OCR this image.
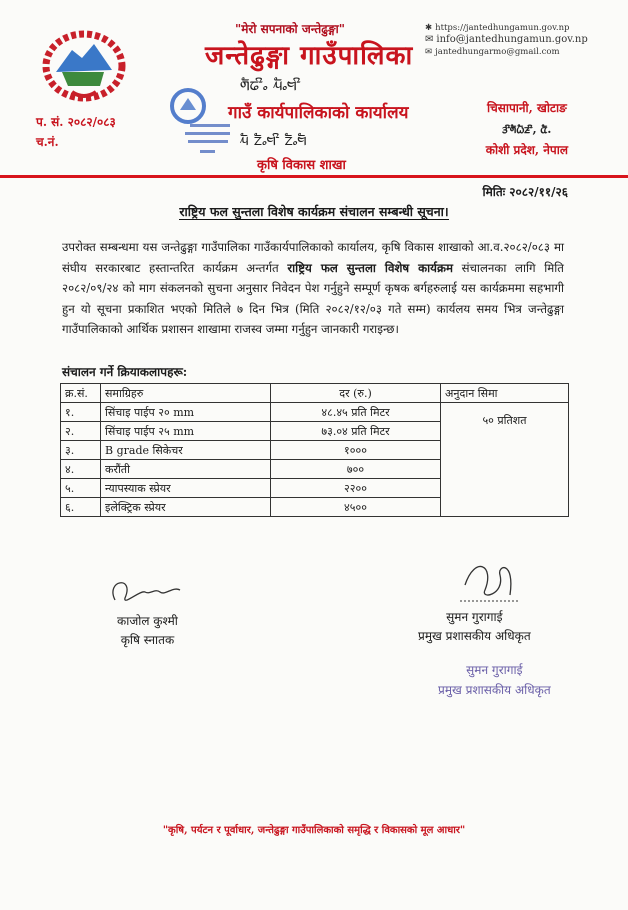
"मेरो सपनाको जन्तेढुङ्गा"
जन्तेढुङ्गा गाउँपालिका
ᤛᤠᤒᤡᤱ ᤘᤠᤱᤗᤡ
गाउँ कार्यपालिकाको कार्यालय
ᤘᤠ ᤁᤠᤱᤗᤡ ᤁᤠᤱᤗᤠ
कृषि विकास शाखा
✱ https://jantedhungamun.gov.np
✉ info@jantedhungamun.gov.np
✉ jantedhungarmo@gmail.com
चिसापानी, खोटाङ
ᤋᤡᤛᤠᤐᤠᤏᤡ, ᤂᤠ.
कोशी प्रदेश, नेपाल
प. सं. २०८२/०८३
च.नं.
मितिः २०८२/११/२६
राष्ट्रिय फल सुन्तला विशेष कार्यक्रम संचालन सम्बन्धी सूचना।
उपरोक्त सम्बन्धमा यस जन्तेढुङ्गा गाउँपालिका गाउँकार्यपालिकाको कार्यालय, कृषि विकास शाखाको आ.व.२०८२/०८३ मा संघीय सरकारबाट हस्तान्तरित कार्यक्रम अन्तर्गत राष्ट्रिय फल सुन्तला विशेष कार्यक्रम संचालनका लागि मिति २०८२/०९/२४ को माग संकलनको सुचना अनुसार निवेदन पेश गर्नुहुने सम्पूर्ण कृषक बर्गहरुलाई यस कार्यक्रममा सहभागी हुन यो सूचना प्रकाशित भएको मितिले ७ दिन भित्र (मिति २०८२/१२/०३ गते सम्म) कार्यलय समय भित्र जन्तेढुङ्गा गाउँपालिकाको आर्थिक प्रशासन शाखामा राजस्व जम्मा गर्नुहुन जानकारी गराइन्छ।
संचालन गर्ने क्रियाकलापहरू:
क्र.सं.	समाग्रिहरु	दर (रु.)	अनुदान सिमा
१.	सिंचाइ पाईप २० mm	४८.४५ प्रति मिटर	५० प्रतिशत
२.	सिंचाइ पाईप २५ mm	७३.०४ प्रति मिटर	
३.	B grade सिकेचर	१०००	
४.	करौंती	७००	
५.	न्यापस्याक स्प्रेयर	२२००	
६.	इलेक्ट्रिक स्प्रेयर	४५००	
काजोल कुश्मी
कृषि स्नातक
सुमन गुरागाई
प्रमुख प्रशासकीय अधिकृत
सुमन गुरागाई
प्रमुख प्रशासकीय अधिकृत
"कृषि, पर्यटन र पूर्वाधार, जन्तेढुङ्गा गाउँपालिकाको समृद्धि र विकासको मूल आधार"
